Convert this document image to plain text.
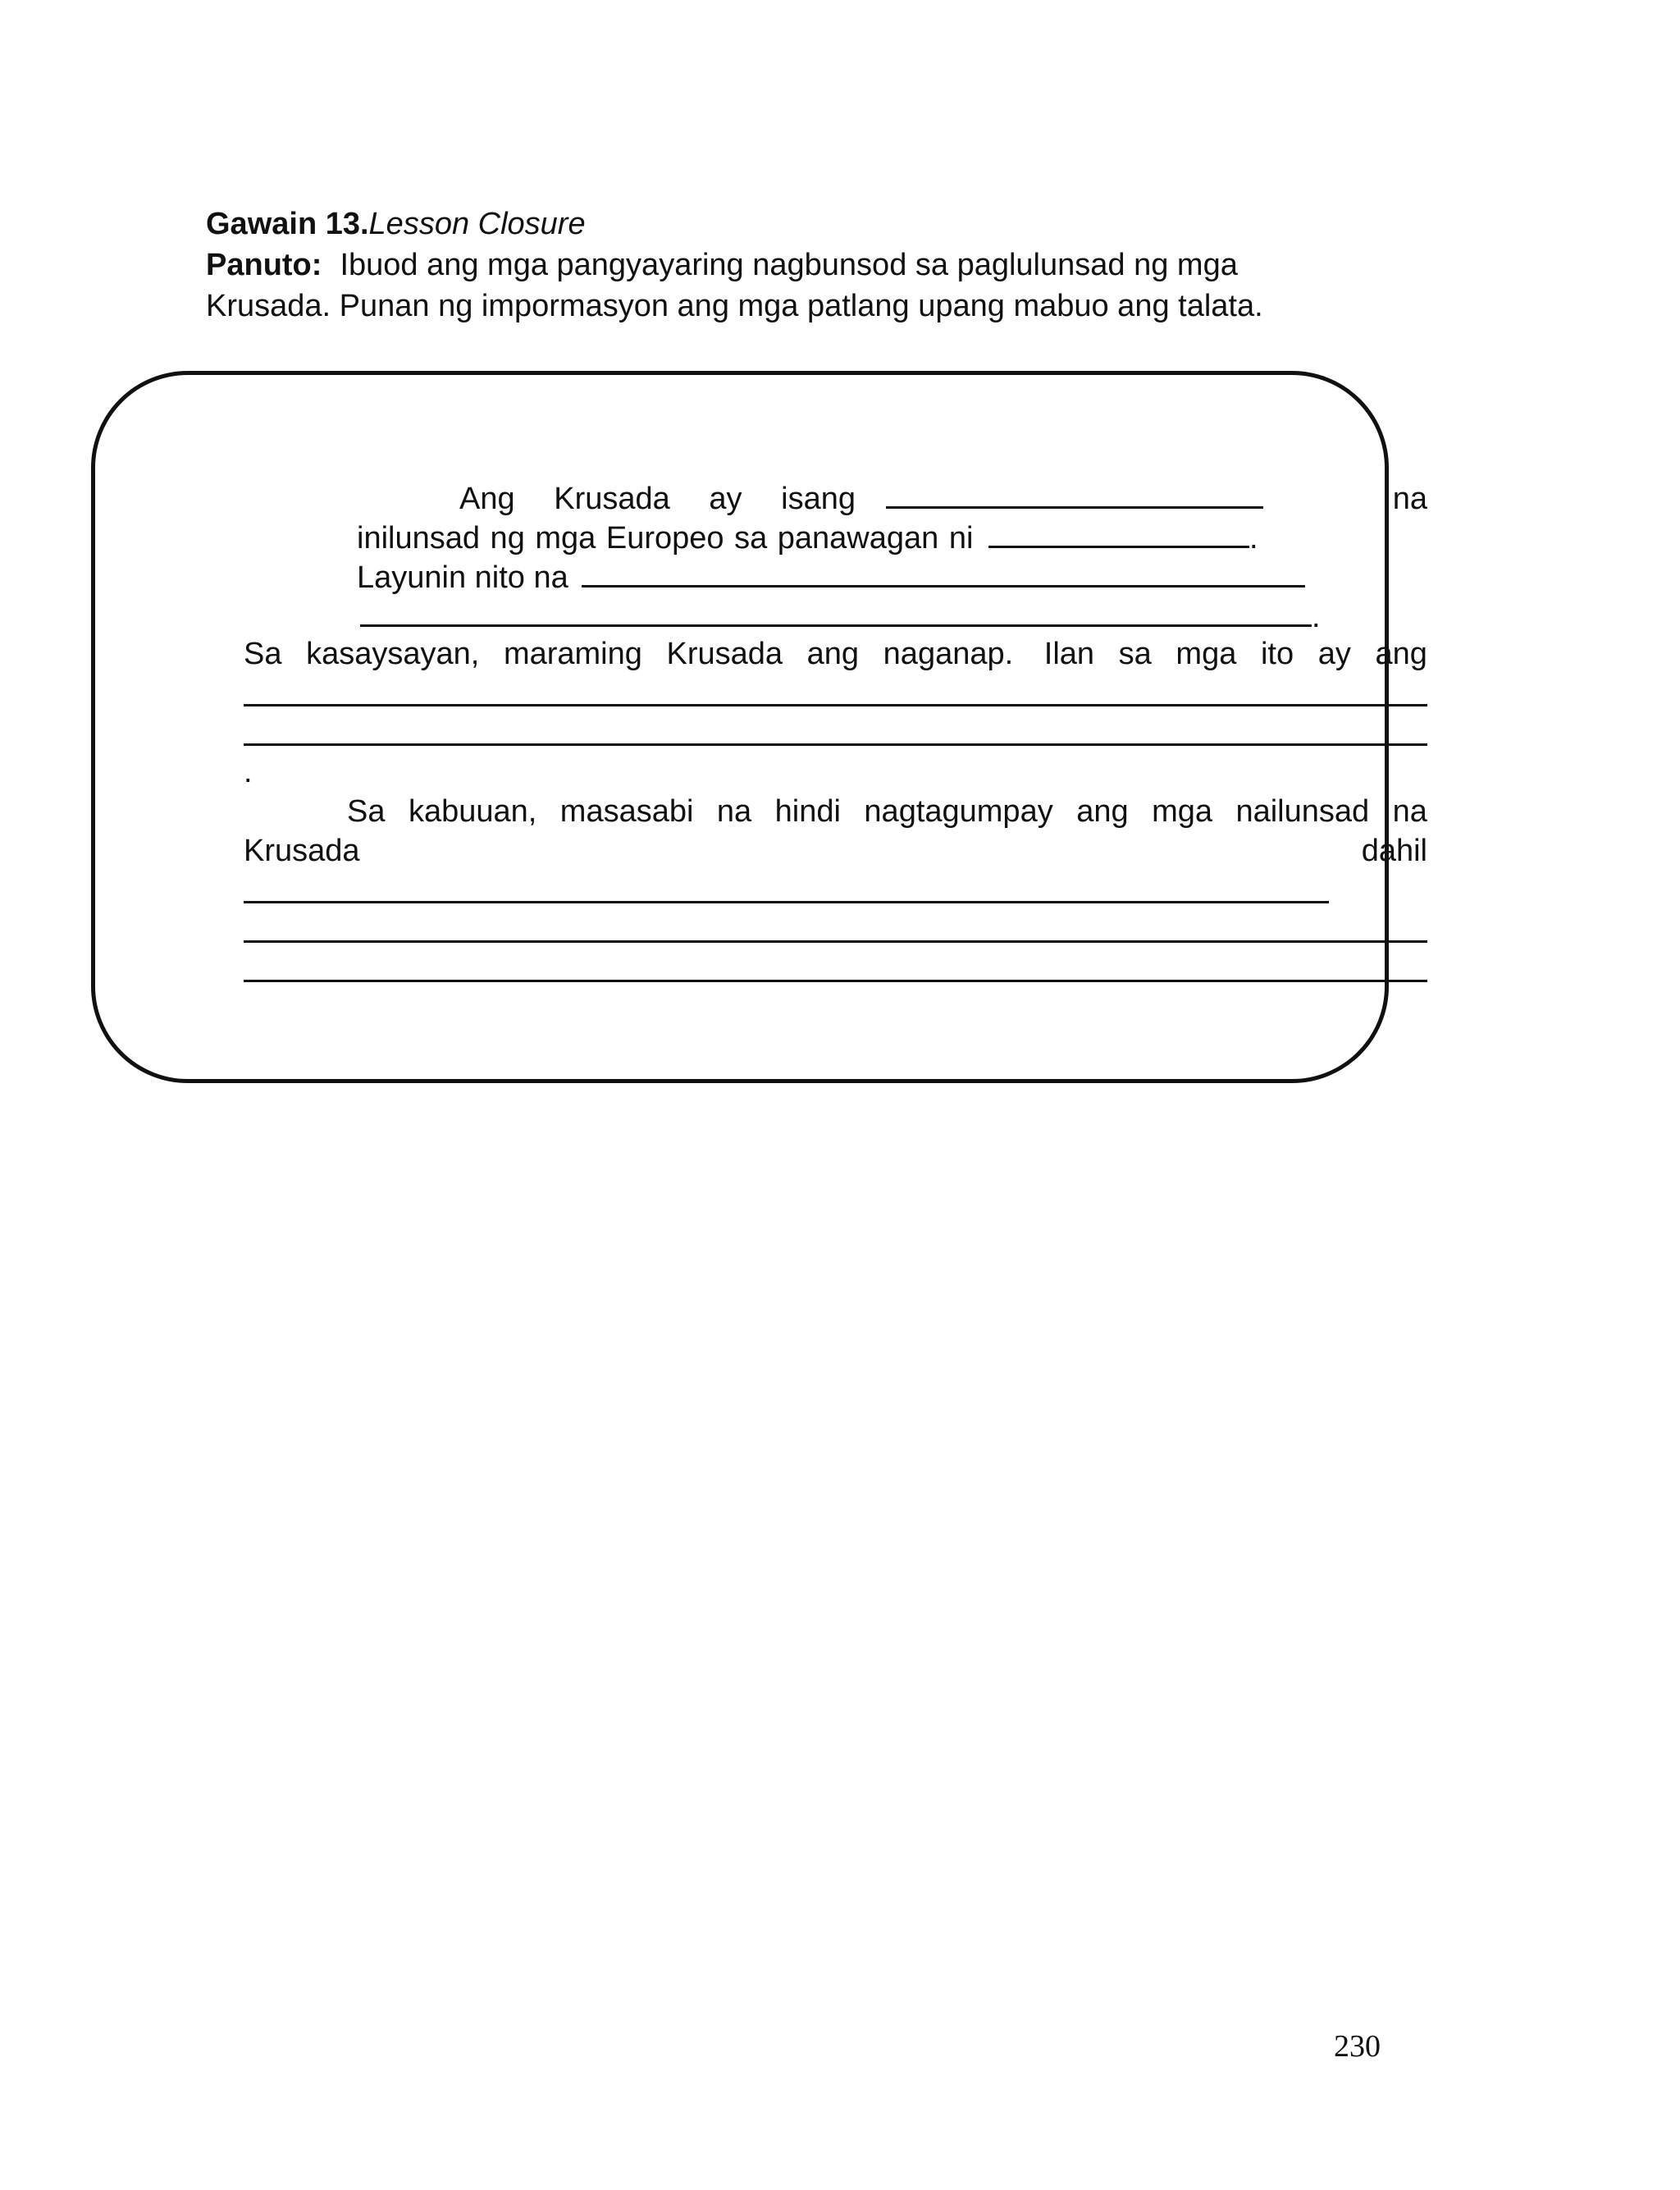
Gawain 13.Lesson Closure
Panuto: Ibuod ang mga pangyayaring nagbunsod sa paglulunsad ng mga
Krusada. Punan ng impormasyon ang mga patlang upang mabuo ang talata.
Ang Krusada ay isang	na
inilunsad ng mga Europeo sa panawagan ni	.
Layunin nito na
.
Sa kasaysayan, maraming Krusada ang naganap. Ilan sa mga ito ay ang
.
Sa kabuuan, masasabi na hindi nagtagumpay ang mga nailunsad na
Krusada	dahil
230
